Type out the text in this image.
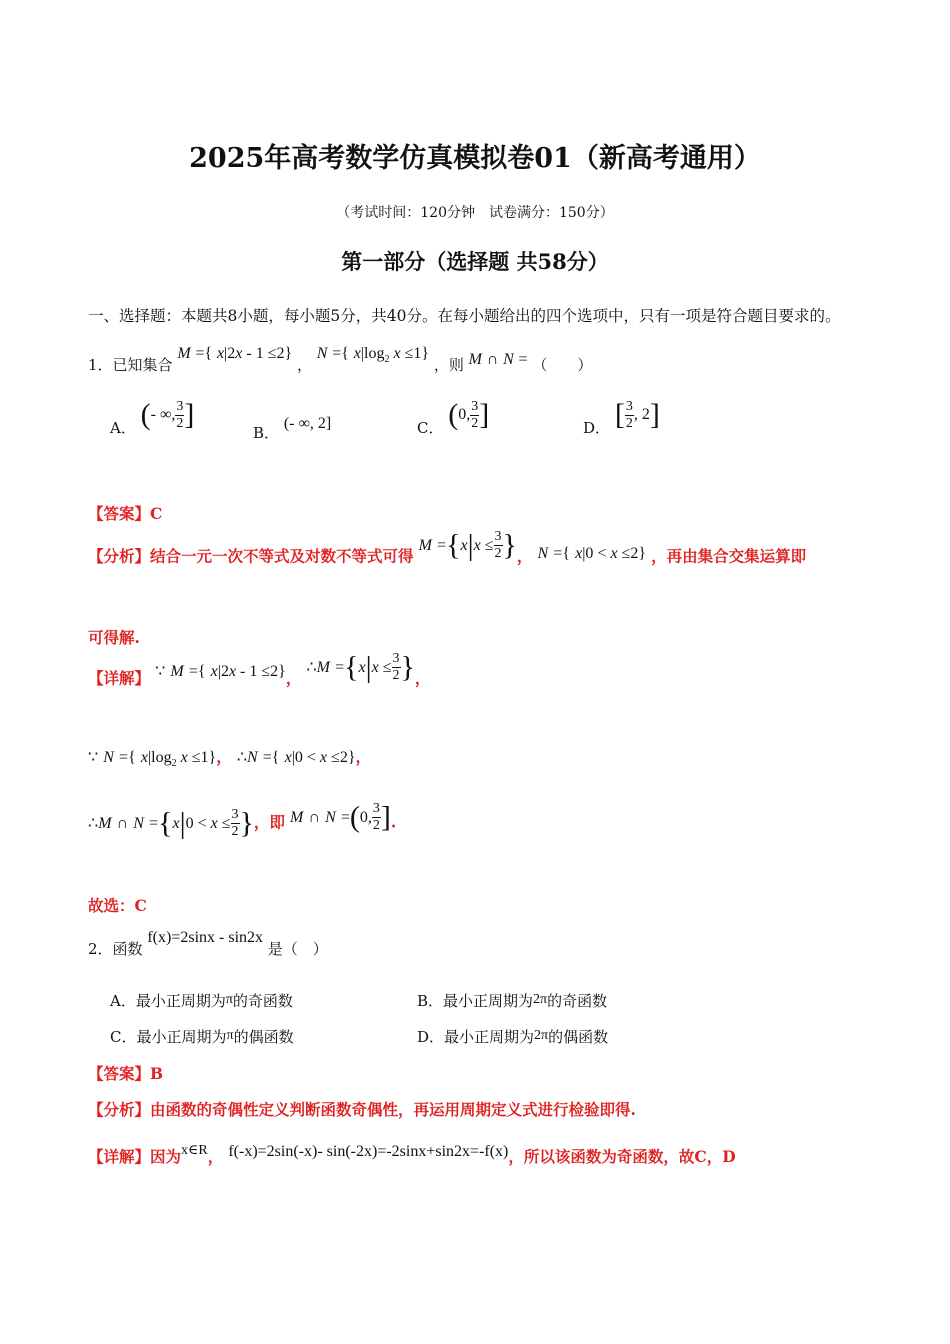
2025年高考数学仿真模拟卷01（新高考通用）
（考试时间：120分钟　试卷满分：150分）
第一部分（选择题 共58分）
一、选择题：本题共8小题，每小题5分，共40分。在每小题给出的四个选项中，只有一项是符合题目要求的。
1．已知集合 M ={ x|2x - 1 ≤2} ， N ={ $x|\log_2$ x ≤1} ，则 M ∩ N = （　　）
A． (- ∞, $\frac{3}{2}$ ]
B． (- ∞, 2]	C． (0, $\frac{3}{2}$ ]	D． [ $\frac{3}{2}$ , 2]
【答案】C
【分析】结合一元一次不等式及对数不等式可得 $M =\{x|x \le \frac{3}{2}$ }， N ={ x|0 < x ≤2} ，再由集合交集运算即
可得解.
【详解】 ∵ M ={ x|2x - 1 ≤2}， ∴M $=\{x|x \le \frac{3}{2}$ }，
∵ N ={ $x|\log_2$ x ≤1}， ∴N ={ x|0 < x ≤2}，
∴M ∩ $N =\{x|0 < x \le \frac{3}{2}$ }，即 M ∩ N =(0, $\frac{3}{2}$ ].
故选：C
2．函数 f(x)=2sinx - sin2x 是（　）
A．最小正周期为π的奇函数	B．最小正周期为2π的奇函数
C．最小正周期为π的偶函数	D．最小正周期为2π的偶函数
【答案】B
【分析】由函数的奇偶性定义判断函数奇偶性，再运用周期定义式进行检验即得.
【详解】因为x∈R， f(-x)=2sin(-x)- sin(-2x)=-2sinx+sin2x=-f(x)，所以该函数为奇函数，故C，D
